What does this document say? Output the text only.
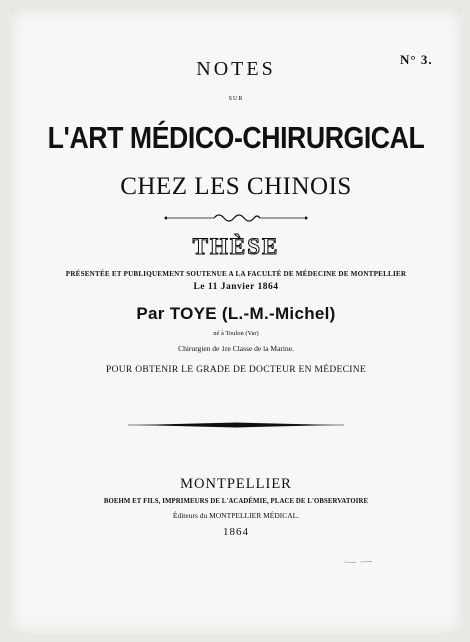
N° 3.
NOTES
SUR
L'ART MÉDICO-CHIRURGICAL
CHEZ LES CHINOIS
THÈSE
PRÉSENTÉE ET PUBLIQUEMENT SOUTENUE A LA FACULTÉ DE MÉDECINE DE MONTPELLIER
Le 11 Janvier 1864
Par TOYE (L.-M.-Michel)
né à Toulon (Var)
Chirurgien de 1re Classe de la Marine.
POUR OBTENIR LE GRADE DE DOCTEUR EN MÉDECINE
MONTPELLIER
BOEHM ET FILS, IMPRIMEURS DE L'ACADÉMIE, PLACE DE L'OBSERVATOIRE
Éditeurs du MONTPELLIER MÉDICAL.
1864
